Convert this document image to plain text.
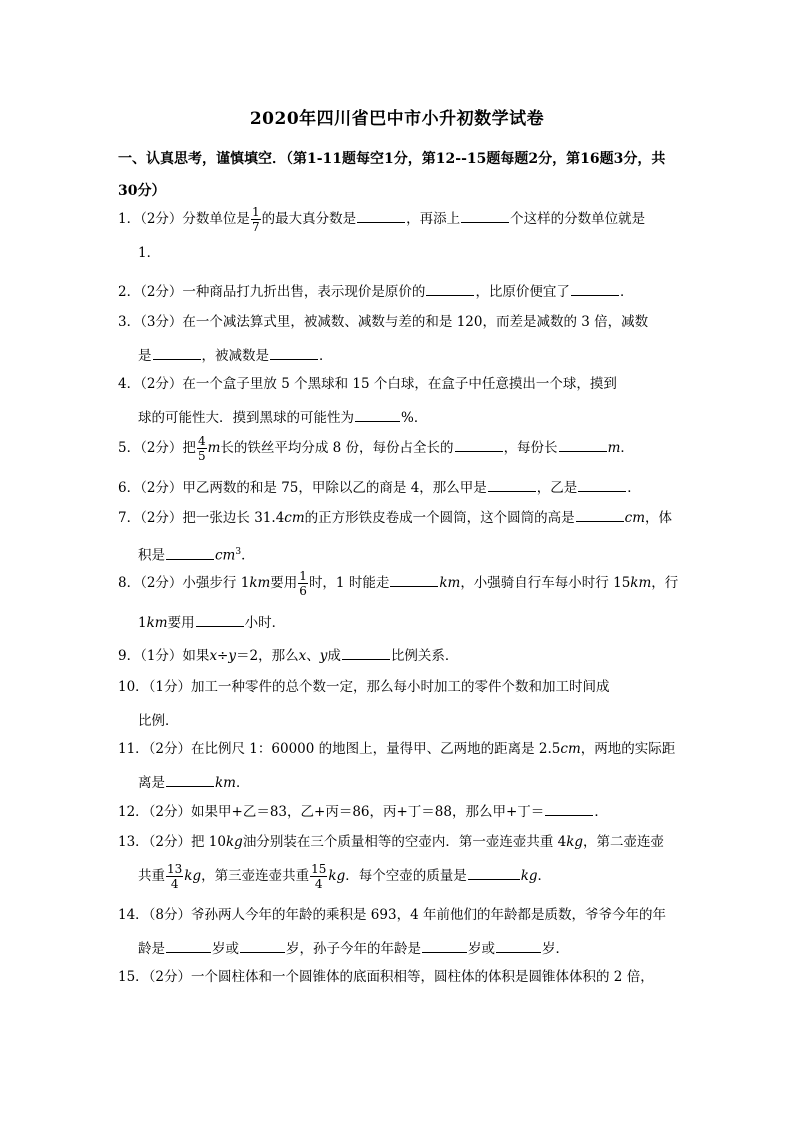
2020年四川省巴中市小升初数学试卷
一、认真思考，谨慎填空．（第1-11题每空1分，第12--15题每题2分，第16题3分，共
30分）
1．（2分）分数单位是 $\frac{1}{7}$ 的最大真分数是	，再添上	个这样的分数单位就是
1．
2．（2分）一种商品打九折出售，表示现价是原价的	，比原价便宜了	．
3．（3分）在一个减法算式里，被减数、减数与差的和是 120，而差是减数的 3 倍，减数
是	，被减数是	．
4．（2分）在一个盒子里放 5 个黑球和 15 个白球，在盒子中任意摸出一个球，摸到
球的可能性大．摸到黑球的可能性为	%．
5．（2分）把 $\frac{4}{5}$ m长的铁丝平均分成 8 份，每份占全长的	，每份长	m．
6．（2分）甲乙两数的和是 75，甲除以乙的商是 4，那么甲是	，乙是	．
7．（2分）把一张边长 31.4cm的正方形铁皮卷成一个圆筒，这个圆筒的高是	cm，体
积是	$cm^3$．
8．（2分）小强步行 1km要用 $\frac{1}{6}$ 时，1 时能走	km，小强骑自行车每小时行 15km，行
1km要用	小时．
9．（1分）如果x÷y＝2，那么x、y成	比例关系．
10．（1分）加工一种零件的总个数一定，那么每小时加工的零件个数和加工时间成
比例．
11．（2分）在比例尺 1：60000 的地图上，量得甲、乙两地的距离是 2.5cm，两地的实际距
离是	km．
12．（2分）如果甲+乙＝83，乙+丙＝86，丙+丁＝88，那么甲+丁＝	．
13．（2分）把 10kg油分别装在三个质量相等的空壶内．第一壶连壶共重 4kg，第二壶连壶
共重 $\frac{13}{4}$ kg，第三壶连壶共重 $\frac{15}{4}$ kg．每个空壶的质量是	kg．
14．（8分）爷孙两人今年的年龄的乘积是 693，4 年前他们的年龄都是质数，爷爷今年的年
龄是	岁或	岁，孙子今年的年龄是	岁或	岁．
15．（2分）一个圆柱体和一个圆锥体的底面积相等，圆柱体的体积是圆锥体体积的 2 倍，
